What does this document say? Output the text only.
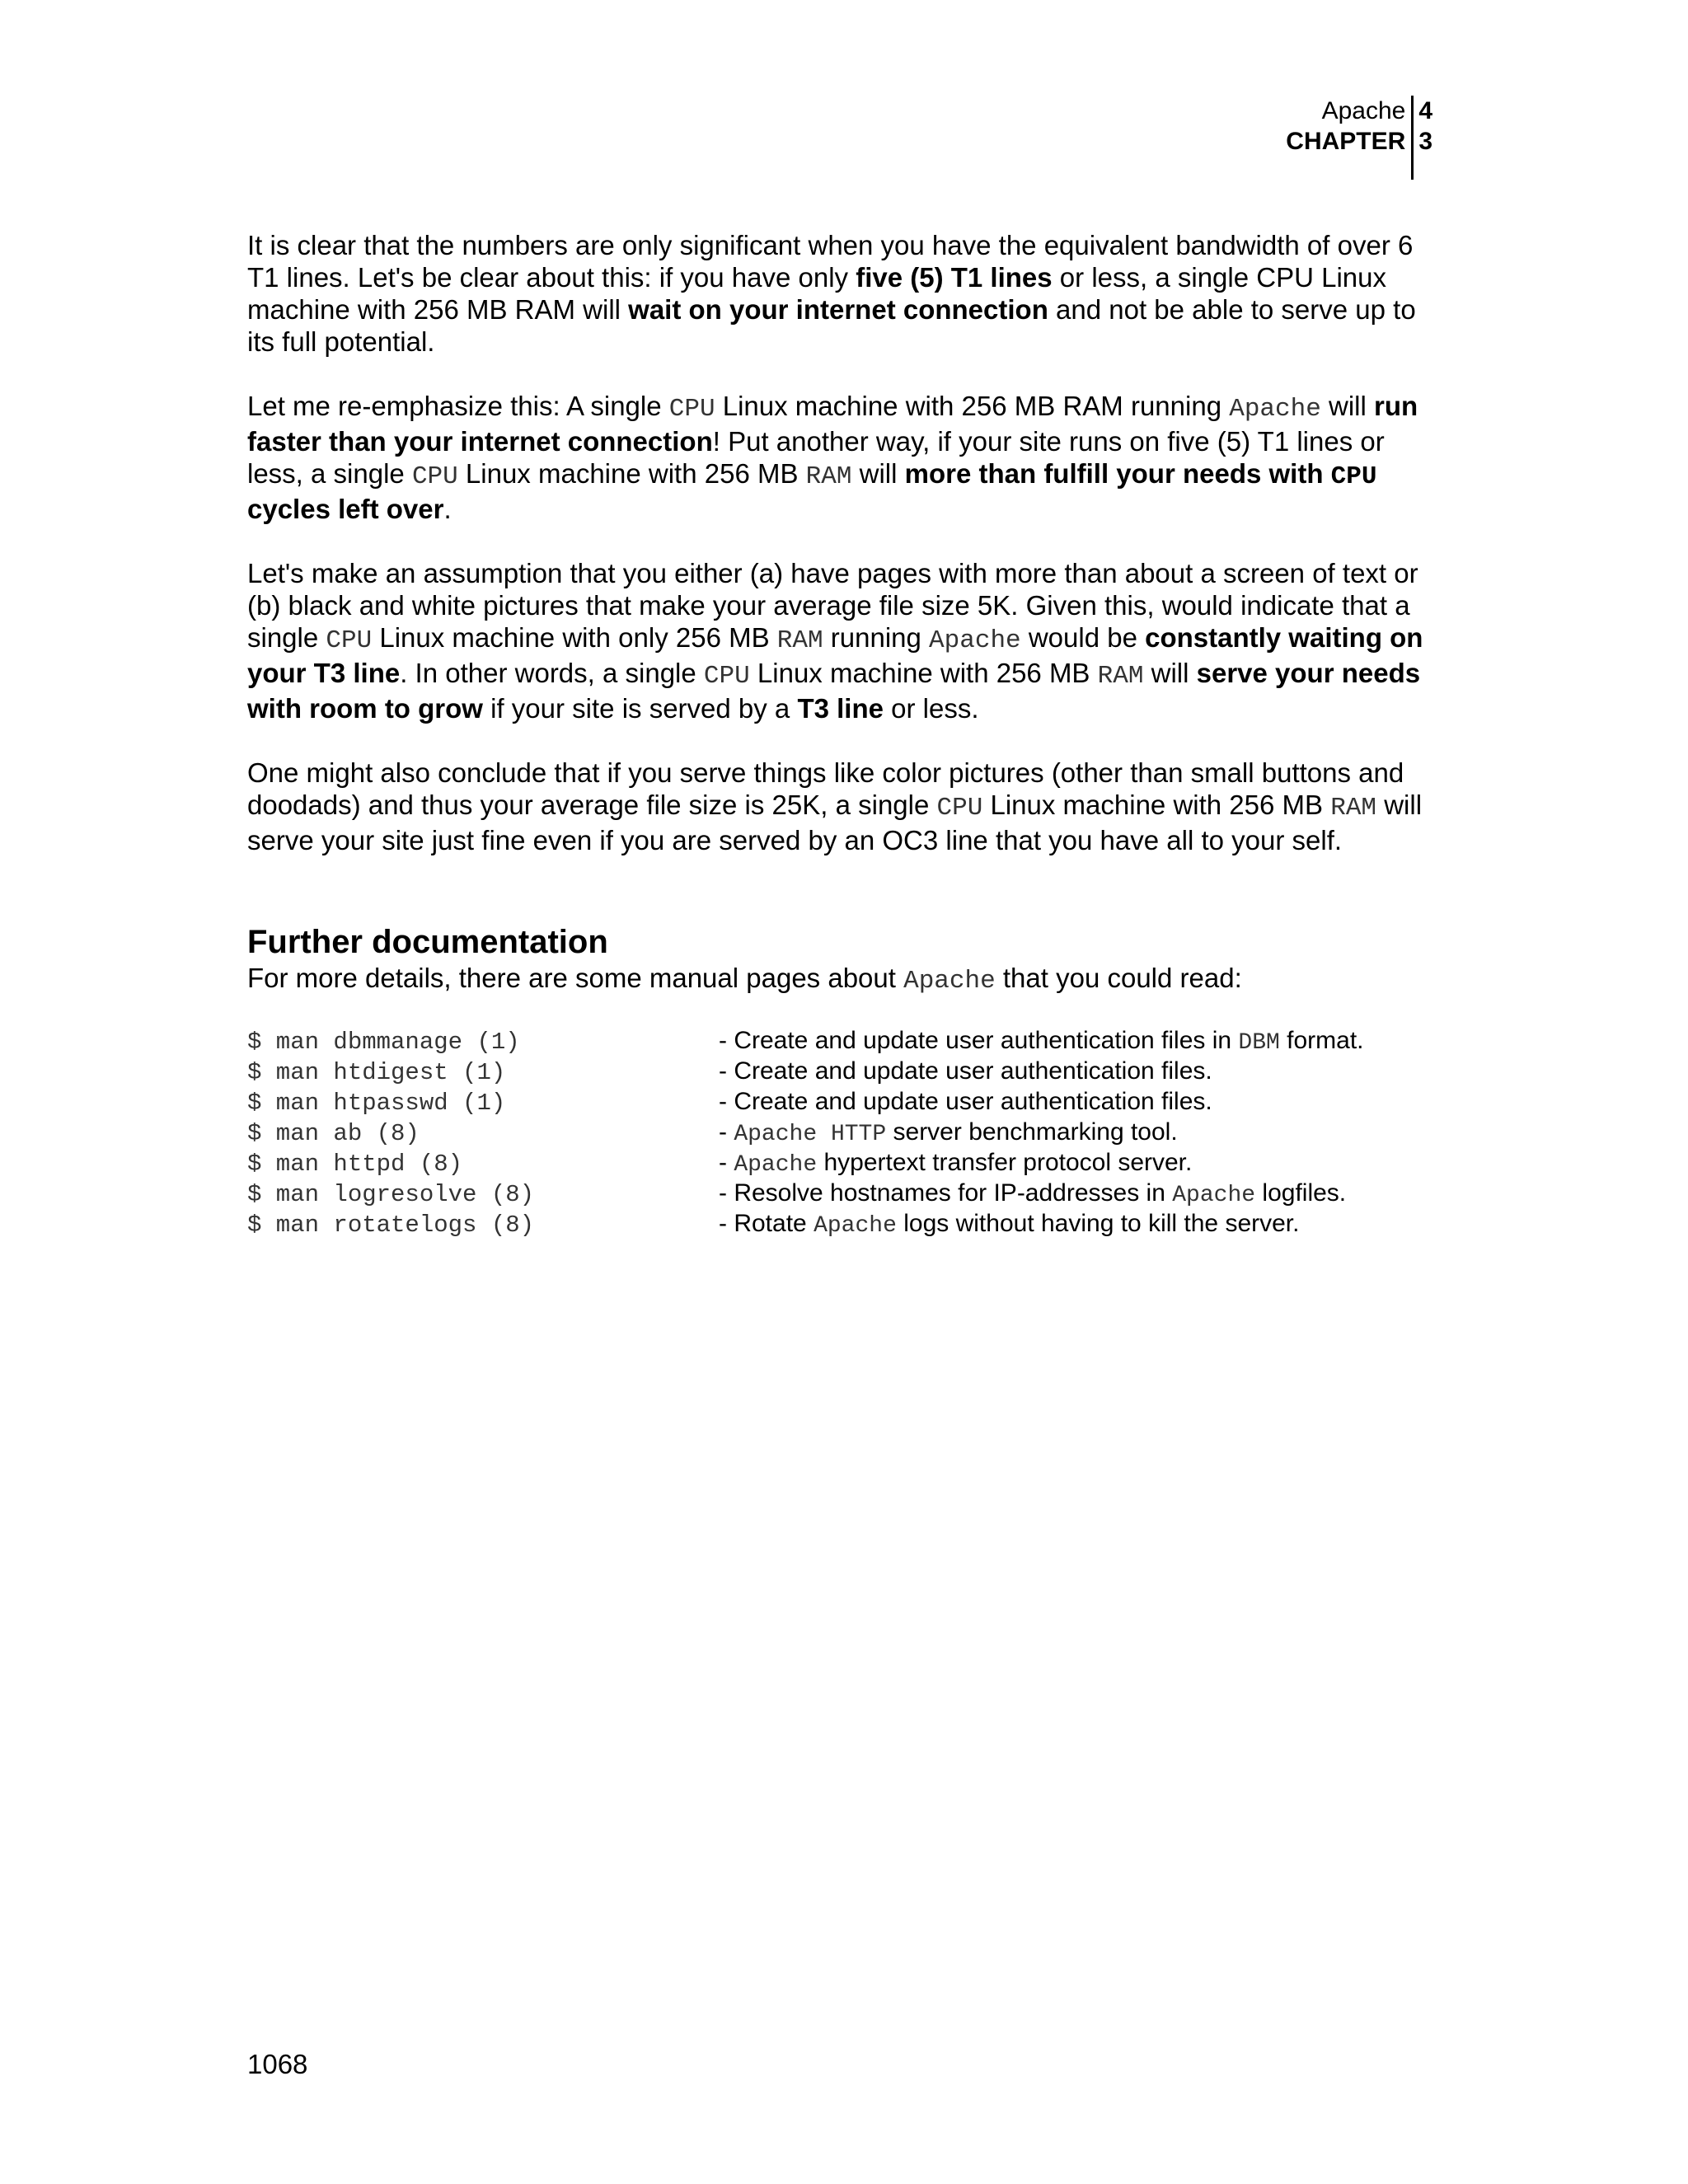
Apache
CHAPTER
4
3

It is clear that the numbers are only significant when you have the equivalent bandwidth of over 6 T1 lines. Let's be clear about this: if you have only five (5) T1 lines or less, a single CPU Linux machine with 256 MB RAM will wait on your internet connection and not be able to serve up to its full potential.

Let me re-emphasize this: A single CPU Linux machine with 256 MB RAM running Apache will run faster than your internet connection! Put another way, if your site runs on five (5) T1 lines or less, a single CPU Linux machine with 256 MB RAM will more than fulfill your needs with CPU cycles left over.

Let's make an assumption that you either (a) have pages with more than about a screen of text or (b) black and white pictures that make your average file size 5K. Given this, would indicate that a single CPU Linux machine with only 256 MB RAM running Apache would be constantly waiting on your T3 line. In other words, a single CPU Linux machine with 256 MB RAM will serve your needs with room to grow if your site is served by a T3 line or less.

One might also conclude that if you serve things like color pictures (other than small buttons and doodads) and thus your average file size is 25K, a single CPU Linux machine with 256 MB RAM will serve your site just fine even if you are served by an OC3 line that you have all to your self.

Further documentation

For more details, there are some manual pages about Apache that you could read:

$ man dbmmanage (1)	- Create and update user authentication files in DBM format.
$ man htdigest (1)	- Create and update user authentication files.
$ man htpasswd (1)	- Create and update user authentication files.
$ man ab (8)	- Apache HTTP server benchmarking tool.
$ man httpd (8)	- Apache hypertext transfer protocol server.
$ man logresolve (8)	- Resolve hostnames for IP-addresses in Apache logfiles.
$ man rotatelogs (8)	- Rotate Apache logs without having to kill the server.
1068
